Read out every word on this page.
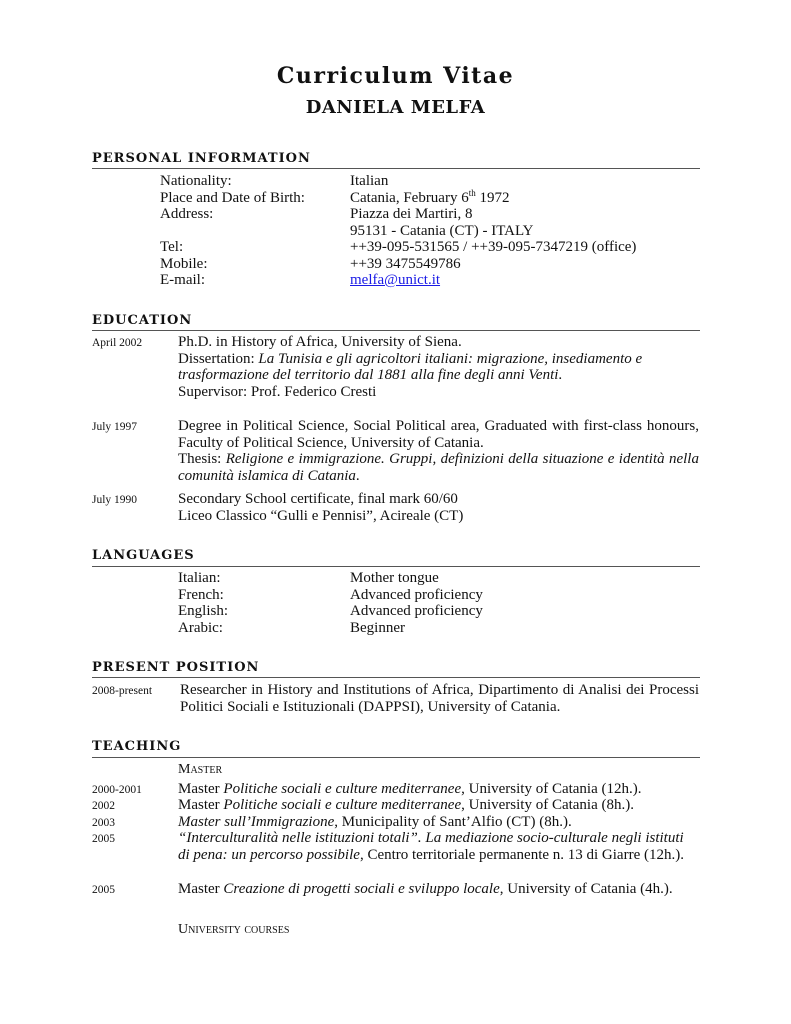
Curriculum Vitae
DANIELA MELFA
PERSONAL INFORMATION
Nationality:	Italian
Place and Date of Birth:	Catania, February 6th 1972
Address:	Piazza dei Martiri, 8
95131 - Catania (CT) - ITALY
Tel:	++39-095-531565 / ++39-095-7347219 (office)
Mobile:	++39 3475549786
E-mail:	melfa@unict.it
EDUCATION
April 2002 Ph.D. in History of Africa, University of Siena.
Dissertation: La Tunisia e gli agricoltori italiani: migrazione, insediamento e trasformazione del territorio dal 1881 alla fine degli anni Venti.
Supervisor: Prof. Federico Cresti
July 1997	Degree in Political Science, Social Political area, Graduated with first-class honours, Faculty of Political Science, University of Catania.
Thesis: Religione e immigrazione. Gruppi, definizioni della situazione e identità nella comunità islamica di Catania.
July 1990	Secondary School certificate, final mark 60/60
Liceo Classico “Gulli e Pennisi”, Acireale (CT)
LANGUAGES
Italian:	Mother tongue
French:	Advanced proficiency
English:	Advanced proficiency
Arabic:	Beginner
PRESENT POSITION
2008-present Researcher in History and Institutions of Africa, Dipartimento di Analisi dei Processi Politici Sociali e Istituzionali (DAPPSI), University of Catania.
TEACHING
Master
2000-2001 Master Politiche sociali e culture mediterranee, University of Catania (12h.).
2002	Master Politiche sociali e culture mediterranee, University of Catania (8h.).
2003	Master sull’Immigrazione, Municipality of Sant’Alfio (CT) (8h.).
2005	“Interculturalità nelle istituzioni totali”. La mediazione socio-culturale negli istituti di pena: un percorso possibile, Centro territoriale permanente n. 13 di Giarre (12h.).
2005	Master Creazione di progetti sociali e sviluppo locale, University of Catania (4h.).
University courses
